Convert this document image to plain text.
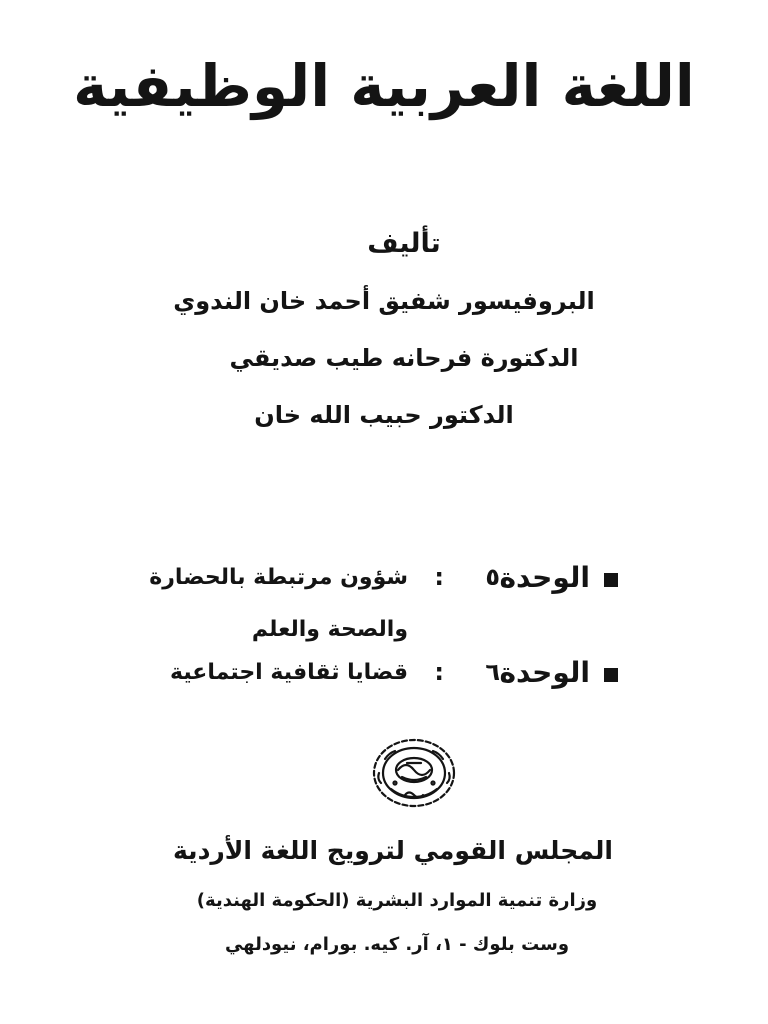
اللغة العربية الوظيفية
تأليف
البروفيسور شفيق أحمد خان الندوي
الدكتورة فرحانه طيب صديقي
الدكتور حبيب الله خان
الوحدة
٥
:
شؤون مرتبطة بالحضارة
والصحة والعلم
الوحدة
٦
:
قضايا ثقافية اجتماعية
المجلس القومي لترويج اللغة الأردية
وزارة تنمية الموارد البشرية (الحكومة الهندية)
وست بلوك - ١، آر. كيه. بورام، نيودلهي
